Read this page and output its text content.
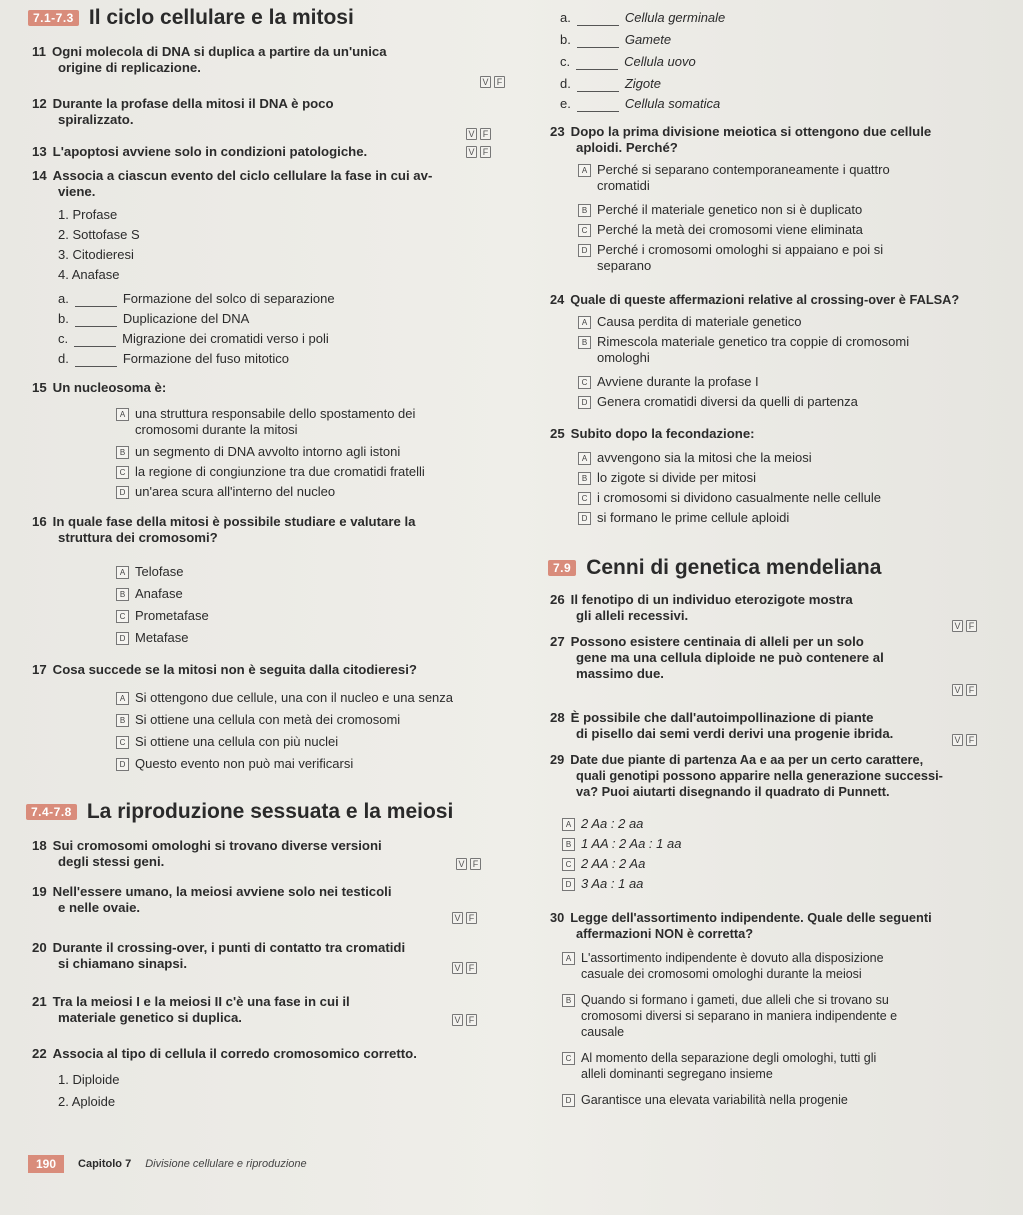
7.1-7.3 Il ciclo cellulare e la mitosi
11 Ogni molecola di DNA si duplica a partire da un'unica
origine di replicazione.
V F
12 Durante la profase della mitosi il DNA è poco
spiralizzato.
V F
13 L'apoptosi avviene solo in condizioni patologiche.	V F
14 Associa a ciascun evento del ciclo cellulare la fase in cui av-
viene.
1. Profase
2. Sottofase S
3. Citodieresi
4. Anafase
a.	Formazione del solco di separazione
b.	Duplicazione del DNA
c.	Migrazione dei cromatidi verso i poli
d.	Formazione del fuso mitotico
15 Un nucleosoma è:
A una struttura responsabile dello spostamento dei
cromosomi durante la mitosi
B un segmento di DNA avvolto intorno agli istoni
C la regione di congiunzione tra due cromatidi fratelli
D un'area scura all'interno del nucleo
16 In quale fase della mitosi è possibile studiare e valutare la
struttura dei cromosomi?
A Telofase
B Anafase
C Prometafase
D Metafase
17 Cosa succede se la mitosi non è seguita dalla citodieresi?
A Si ottengono due cellule, una con il nucleo e una senza
B Si ottiene una cellula con metà dei cromosomi
C Si ottiene una cellula con più nuclei
D Questo evento non può mai verificarsi
7.4-7.8 La riproduzione sessuata e la meiosi
18 Sui cromosomi omologhi si trovano diverse versioni
degli stessi geni.	V F
19 Nell'essere umano, la meiosi avviene solo nei testicoli
e nelle ovaie.
V F
20 Durante il crossing-over, i punti di contatto tra cromatidi
si chiamano sinapsi.	V F
21 Tra la meiosi I e la meiosi II c'è una fase in cui il
materiale genetico si duplica.	V F
22 Associa al tipo di cellula il corredo cromosomico corretto.
1. Diploide
2. Aploide
a.	Cellula germinale
b.	Gamete
c.	Cellula uovo
d.	Zigote
e.	Cellula somatica
23 Dopo la prima divisione meiotica si ottengono due cellule
aploidi. Perché?
A Perché si separano contemporaneamente i quattro
cromatidi
B Perché il materiale genetico non si è duplicato
C Perché la metà dei cromosomi viene eliminata
D Perché i cromosomi omologhi si appaiano e poi si
separano
24 Quale di queste affermazioni relative al crossing-over è FALSA?
A Causa perdita di materiale genetico
B Rimescola materiale genetico tra coppie di cromosomi
omologhi
C Avviene durante la profase I
D Genera cromatidi diversi da quelli di partenza
25 Subito dopo la fecondazione:
A avvengono sia la mitosi che la meiosi
B lo zigote si divide per mitosi
C i cromosomi si dividono casualmente nelle cellule
D si formano le prime cellule aploidi
7.9 Cenni di genetica mendeliana
26 Il fenotipo di un individuo eterozigote mostra
gli alleli recessivi.
V F
27 Possono esistere centinaia di alleli per un solo
gene ma una cellula diploide ne può contenere al
massimo due.
V F
28 È possibile che dall'autoimpollinazione di piante
di pisello dai semi verdi derivi una progenie ibrida.	V F
29 Date due piante di partenza Aa e aa per un certo carattere,
quali genotipi possono apparire nella generazione successi-
va? Puoi aiutarti disegnando il quadrato di Punnett.
A 2 Aa : 2 aa
B 1 AA : 2 Aa : 1 aa
C 2 AA : 2 Aa
D 3 Aa : 1 aa
30 Legge dell'assortimento indipendente. Quale delle seguenti
affermazioni NON è corretta?
A L'assortimento indipendente è dovuto alla disposizione
casuale dei cromosomi omologhi durante la meiosi
B Quando si formano i gameti, due alleli che si trovano su
cromosomi diversi si separano in maniera indipendente e
causale
C Al momento della separazione degli omologhi, tutti gli
alleli dominanti segregano insieme
D Garantisce una elevata variabilità nella progenie
190	Capitolo 7 Divisione cellulare e riproduzione
